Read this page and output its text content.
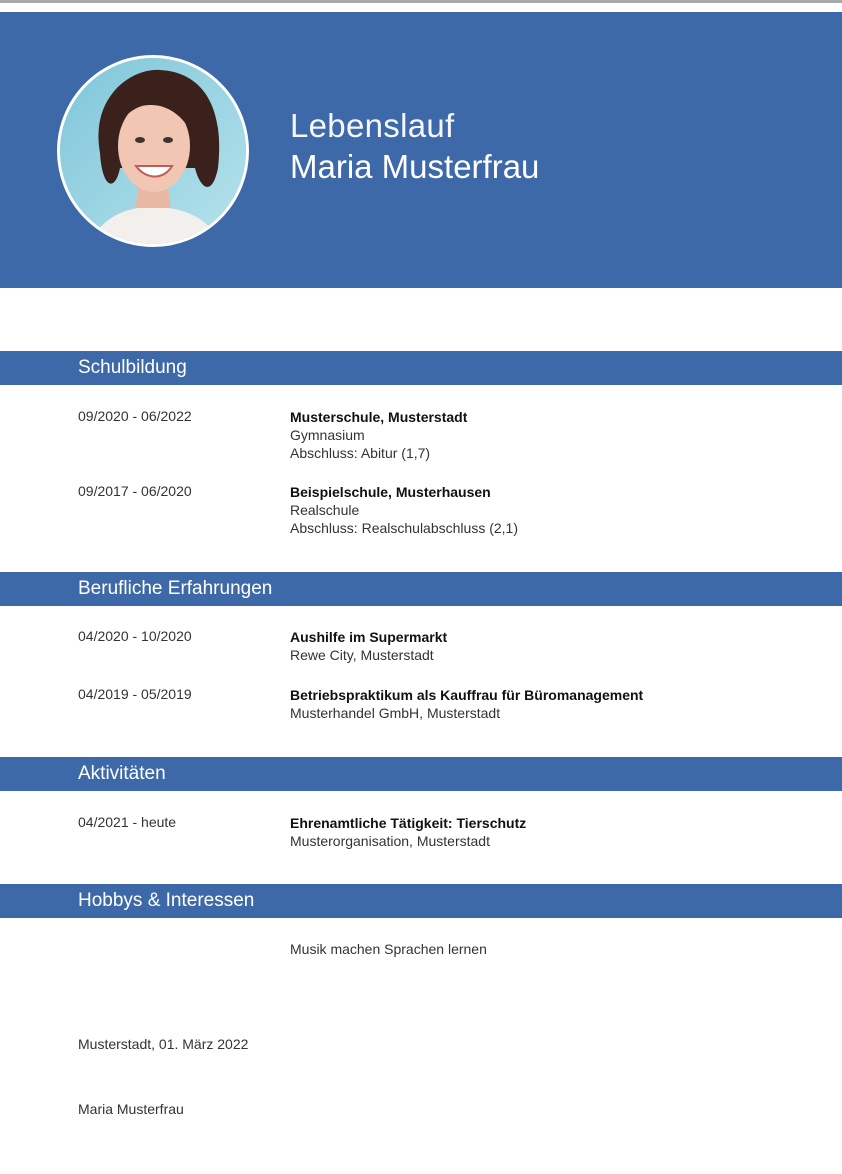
Lebenslauf
Maria Musterfrau
Schulbildung
09/2020 - 06/2022	Musterschule, Musterstadt
Gymnasium
Abschluss: Abitur (1,7)
09/2017 - 06/2020	Beispielschule, Musterhausen
Realschule
Abschluss: Realschulabschluss (2,1)
Berufliche Erfahrungen
04/2020 - 10/2020	Aushilfe im Supermarkt
Rewe City, Musterstadt
04/2019 - 05/2019	Betriebspraktikum als Kauffrau für Büromanagement
Musterhandel GmbH, Musterstadt
Aktivitäten
04/2021 - heute	Ehrenamtliche Tätigkeit: Tierschutz
Musterorganisation, Musterstadt
Hobbys & Interessen
Musik machen Sprachen lernen
Musterstadt, 01. März 2022
Maria Musterfrau
